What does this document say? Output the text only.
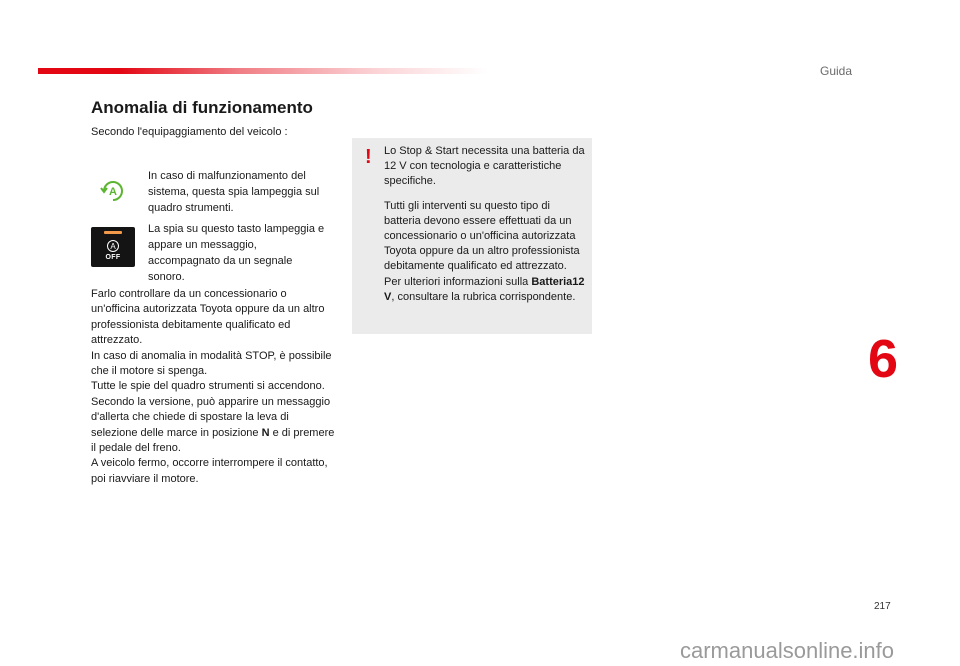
Guida
Anomalia di funzionamento
Secondo l'equipaggiamento del veicolo :
A
In caso di malfunzionamento del sistema, questa spia lampeggia sul quadro strumenti.
A
OFF
La spia su questo tasto lampeggia e appare un messaggio, accompagnato da un segnale sonoro.

Farlo controllare da un concessionario o un'officina autorizzata Toyota oppure da un altro professionista debitamente qualificato ed attrezzato.

In caso di anomalia in modalità STOP, è possibile che il motore si spenga.

Tutte le spie del quadro strumenti si accendono.

Secondo la versione, può apparire un messaggio d'allerta che chiede di spostare la leva di selezione delle marce in posizione N e di premere il pedale del freno.

A veicolo fermo, occorre interrompere il contatto, poi riavviare il motore.

! Lo Stop & Start necessita una batteria da 12 V con tecnologia e caratteristiche specifiche.

Tutti gli interventi su questo tipo di batteria devono essere effettuati da un concessionario o un'officina autorizzata Toyota oppure da un altro professionista debitamente qualificato ed attrezzato.

Per ulteriori informazioni sulla Batteria12 V, consultare la rubrica corrispondente.

6
217
carmanualsonline.info
